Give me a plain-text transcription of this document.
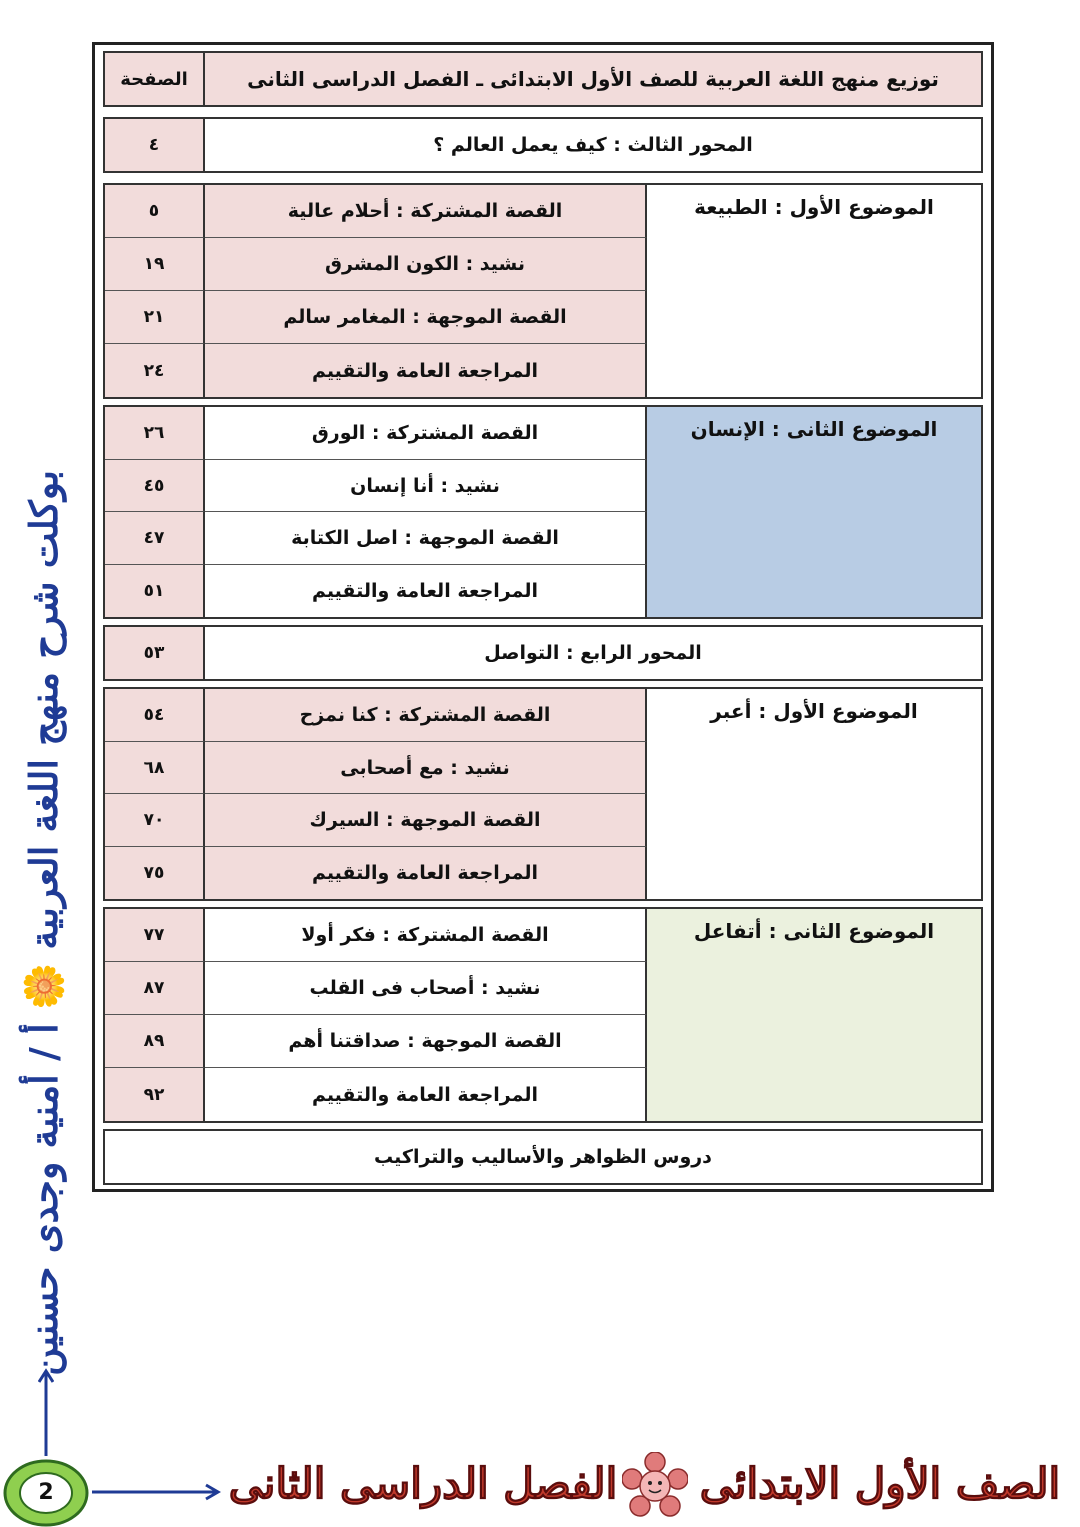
الصفحة	توزيع منهج اللغة العربية للصف الأول الابتدائى ـ الفصل الدراسى الثانى
٤	المحور الثالث : كيف يعمل العالم ؟
٥	القصة المشتركة : أحلام عالية
١٩	نشيد : الكون المشرق
٢١	القصة الموجهة : المغامر سالم
٢٤	المراجعة العامة والتقييم
الموضوع الأول : الطبيعة
٢٦	القصة المشتركة : الورق
٤٥	نشيد : أنا إنسان
٤٧	القصة الموجهة : اصل الكتابة
٥١	المراجعة العامة والتقييم
الموضوع الثانى : الإنسان
٥٣	المحور الرابع : التواصل
٥٤	القصة المشتركة : كنا نمزح
٦٨	نشيد : مع أصحابى
٧٠	القصة الموجهة : السيرك
٧٥	المراجعة العامة والتقييم
الموضوع الأول : أعبر
٧٧	القصة المشتركة : فكر أولا
٨٧	نشيد : أصحاب فى القلب
٨٩	القصة الموجهة : صداقتنا أهم
٩٢	المراجعة العامة والتقييم
الموضوع الثانى : أتفاعل
دروس الظواهر والأساليب والتراكيب
بوكلت شرح منهج اللغة العربية 🌼 أ / أمنية وجدى حسنين
2	الفصل الدراسى الثانى الصف الأول الابتدائى
